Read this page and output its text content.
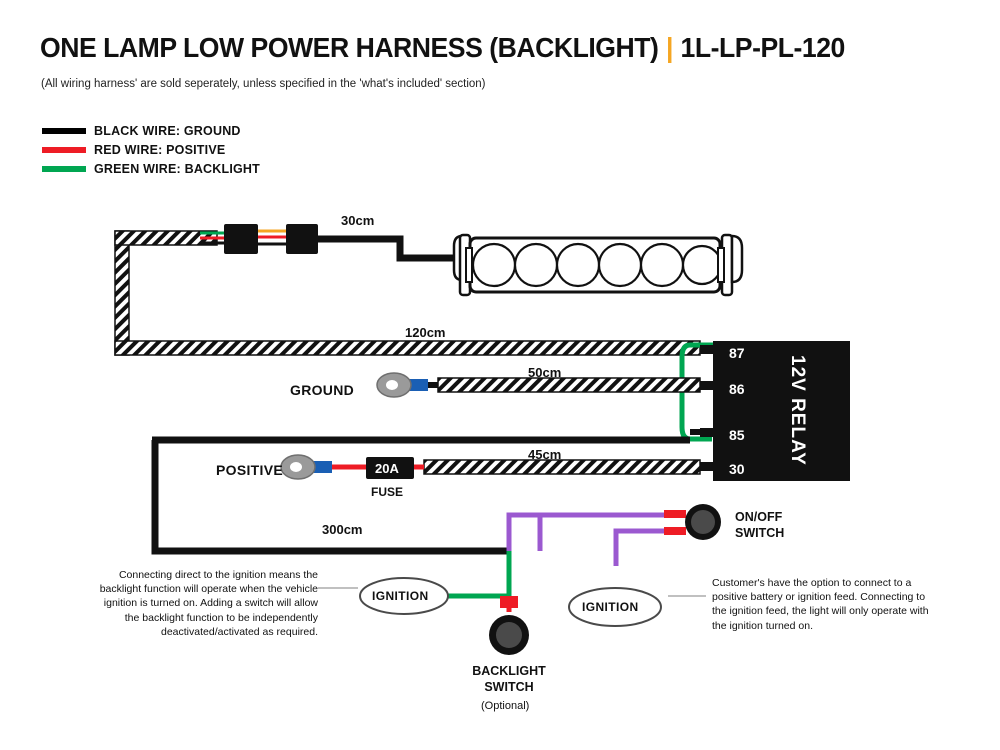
ONE LAMP LOW POWER HARNESS (BACKLIGHT) | 1L-LP-PL-120
(All wiring harness' are sold seperately, unless specified in the 'what's included' section)
BLACK WIRE: GROUND
RED WIRE: POSITIVE
GREEN WIRE: BACKLIGHT
30cm
120cm
50cm
45cm
300cm
GROUND
POSITIVE	20A
FUSE
87
86
85
30
12V RELAY
ON/OFF
SWITCH
BACKLIGHT
SWITCH
(Optional)
IGNITION
IGNITION
Connecting direct to the ignition means the backlight function will operate when the vehicle ignition is turned on. Adding a switch will allow the backlight function to be independently deactivated/activated as required.
Customer's have the option to connect to a positive battery or ignition feed. Connecting to the ignition feed, the light will only operate with the ignition turned on.
